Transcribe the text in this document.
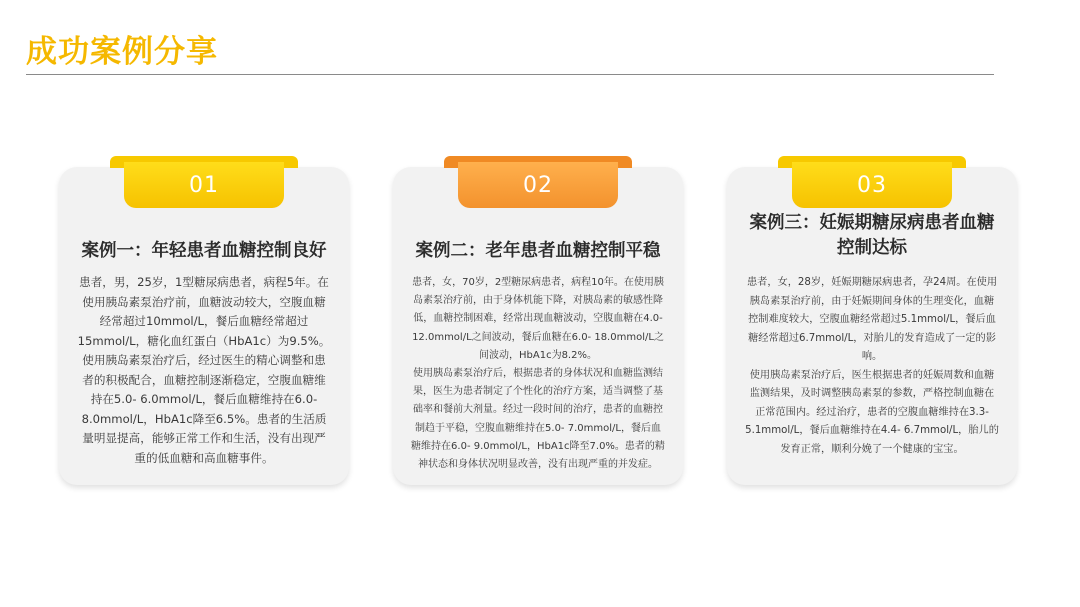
成功案例分享
01
案例一：年轻患者血糖控制良好

患者，男，25岁，1型糖尿病患者，病程5年。在使用胰岛素泵治疗前，血糖波动较大，空腹血糖经常超过10mmol/L，餐后血糖经常超过15mmol/L，糖化血红蛋白（HbA1c）为9.5%。

使用胰岛素泵治疗后，经过医生的精心调整和患者的积极配合，血糖控制逐渐稳定，空腹血糖维持在5.0- 6.0mmol/L，餐后血糖维持在6.0- 8.0mmol/L，HbA1c降至6.5%。患者的生活质量明显提高，能够正常工作和生活，没有出现严重的低血糖和高血糖事件。

02
案例二：老年患者血糖控制平稳

患者，女，70岁，2型糖尿病患者，病程10年。在使用胰岛素泵治疗前，由于身体机能下降，对胰岛素的敏感性降低，血糖控制困难，经常出现血糖波动，空腹血糖在4.0- 12.0mmol/L之间波动，餐后血糖在6.0- 18.0mmol/L之间波动，HbA1c为8.2%。

使用胰岛素泵治疗后，根据患者的身体状况和血糖监测结果，医生为患者制定了个性化的治疗方案，适当调整了基础率和餐前大剂量。经过一段时间的治疗，患者的血糖控制趋于平稳，空腹血糖维持在5.0- 7.0mmol/L，餐后血糖维持在6.0- 9.0mmol/L，HbA1c降至7.0%。患者的精神状态和身体状况明显改善，没有出现严重的并发症。

03
案例三：妊娠期糖尿病患者血糖控制达标

患者，女，28岁，妊娠期糖尿病患者，孕24周。在使用胰岛素泵治疗前，由于妊娠期间身体的生理变化，血糖控制难度较大，空腹血糖经常超过5.1mmol/L，餐后血糖经常超过6.7mmol/L，对胎儿的发育造成了一定的影响。

使用胰岛素泵治疗后，医生根据患者的妊娠周数和血糖监测结果，及时调整胰岛素泵的参数，严格控制血糖在正常范围内。经过治疗，患者的空腹血糖维持在3.3- 5.1mmol/L，餐后血糖维持在4.4- 6.7mmol/L，胎儿的发育正常，顺利分娩了一个健康的宝宝。
